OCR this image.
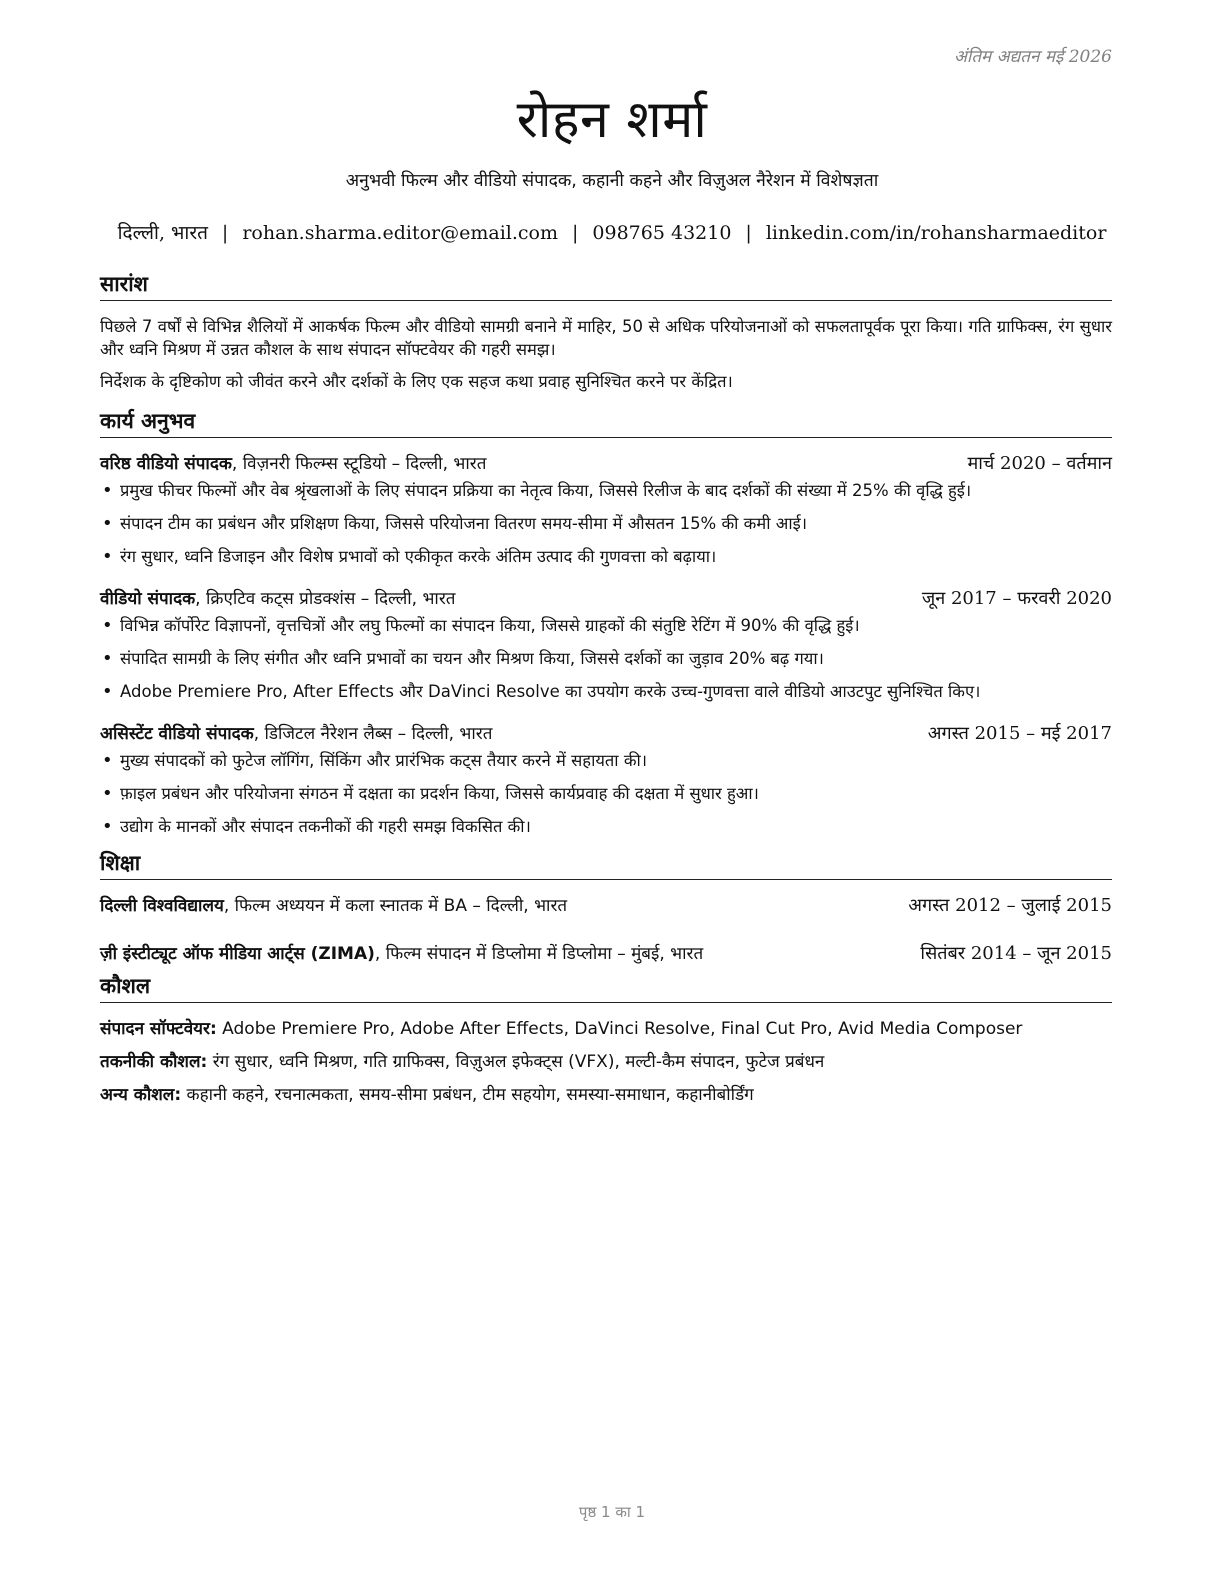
अंतिम अद्यतन मई 2026
रोहन शर्मा
अनुभवी फिल्म और वीडियो संपादक, कहानी कहने और विज़ुअल नैरेशन में विशेषज्ञता
दिल्ली, भारत | rohan.sharma.editor@email.com | 098765 43210 | linkedin.com/in/rohansharmaeditor
सारांश

पिछले 7 वर्षों से विभिन्न शैलियों में आकर्षक फिल्म और वीडियो सामग्री बनाने में माहिर, 50 से अधिक परियोजनाओं को सफलतापूर्वक पूरा किया। गति ग्राफिक्स, रंग सुधार और ध्वनि मिश्रण में उन्नत कौशल के साथ संपादन सॉफ्टवेयर की गहरी समझ।

निर्देशक के दृष्टिकोण को जीवंत करने और दर्शकों के लिए एक सहज कथा प्रवाह सुनिश्चित करने पर केंद्रित।

कार्य अनुभव
वरिष्ठ वीडियो संपादक, विज़नरी फिल्म्स स्टूडियो – दिल्ली, भारत	मार्च 2020 – वर्तमान
• प्रमुख फीचर फिल्मों और वेब श्रृंखलाओं के लिए संपादन प्रक्रिया का नेतृत्व किया, जिससे रिलीज के बाद दर्शकों की संख्या में 25% की वृद्धि हुई।
• संपादन टीम का प्रबंधन और प्रशिक्षण किया, जिससे परियोजना वितरण समय-सीमा में औसतन 15% की कमी आई।
• रंग सुधार, ध्वनि डिजाइन और विशेष प्रभावों को एकीकृत करके अंतिम उत्पाद की गुणवत्ता को बढ़ाया।
वीडियो संपादक, क्रिएटिव कट्स प्रोडक्शंस – दिल्ली, भारत	जून 2017 – फरवरी 2020
• विभिन्न कॉर्पोरेट विज्ञापनों, वृत्तचित्रों और लघु फिल्मों का संपादन किया, जिससे ग्राहकों की संतुष्टि रेटिंग में 90% की वृद्धि हुई।
• संपादित सामग्री के लिए संगीत और ध्वनि प्रभावों का चयन और मिश्रण किया, जिससे दर्शकों का जुड़ाव 20% बढ़ गया।
• Adobe Premiere Pro, After Effects और DaVinci Resolve का उपयोग करके उच्च-गुणवत्ता वाले वीडियो आउटपुट सुनिश्चित किए।
असिस्टेंट वीडियो संपादक, डिजिटल नैरेशन लैब्स – दिल्ली, भारत	अगस्त 2015 – मई 2017
• मुख्य संपादकों को फुटेज लॉगिंग, सिंकिंग और प्रारंभिक कट्स तैयार करने में सहायता की।
• फ़ाइल प्रबंधन और परियोजना संगठन में दक्षता का प्रदर्शन किया, जिससे कार्यप्रवाह की दक्षता में सुधार हुआ।
• उद्योग के मानकों और संपादन तकनीकों की गहरी समझ विकसित की।
शिक्षा
दिल्ली विश्वविद्यालय, फिल्म अध्ययन में कला स्नातक में BA – दिल्ली, भारत	अगस्त 2012 – जुलाई 2015
ज़ी इंस्टीट्यूट ऑफ मीडिया आर्ट्स (ZIMA), फिल्म संपादन में डिप्लोमा में डिप्लोमा – मुंबई, भारत	सितंबर 2014 – जून 2015
कौशल
संपादन सॉफ्टवेयर: Adobe Premiere Pro, Adobe After Effects, DaVinci Resolve, Final Cut Pro, Avid Media Composer
तकनीकी कौशल: रंग सुधार, ध्वनि मिश्रण, गति ग्राफिक्स, विज़ुअल इफेक्ट्स (VFX), मल्टी-कैम संपादन, फुटेज प्रबंधन
अन्य कौशल: कहानी कहने, रचनात्मकता, समय-सीमा प्रबंधन, टीम सहयोग, समस्या-समाधान, कहानीबोर्डिंग
पृष्ठ 1 का 1
